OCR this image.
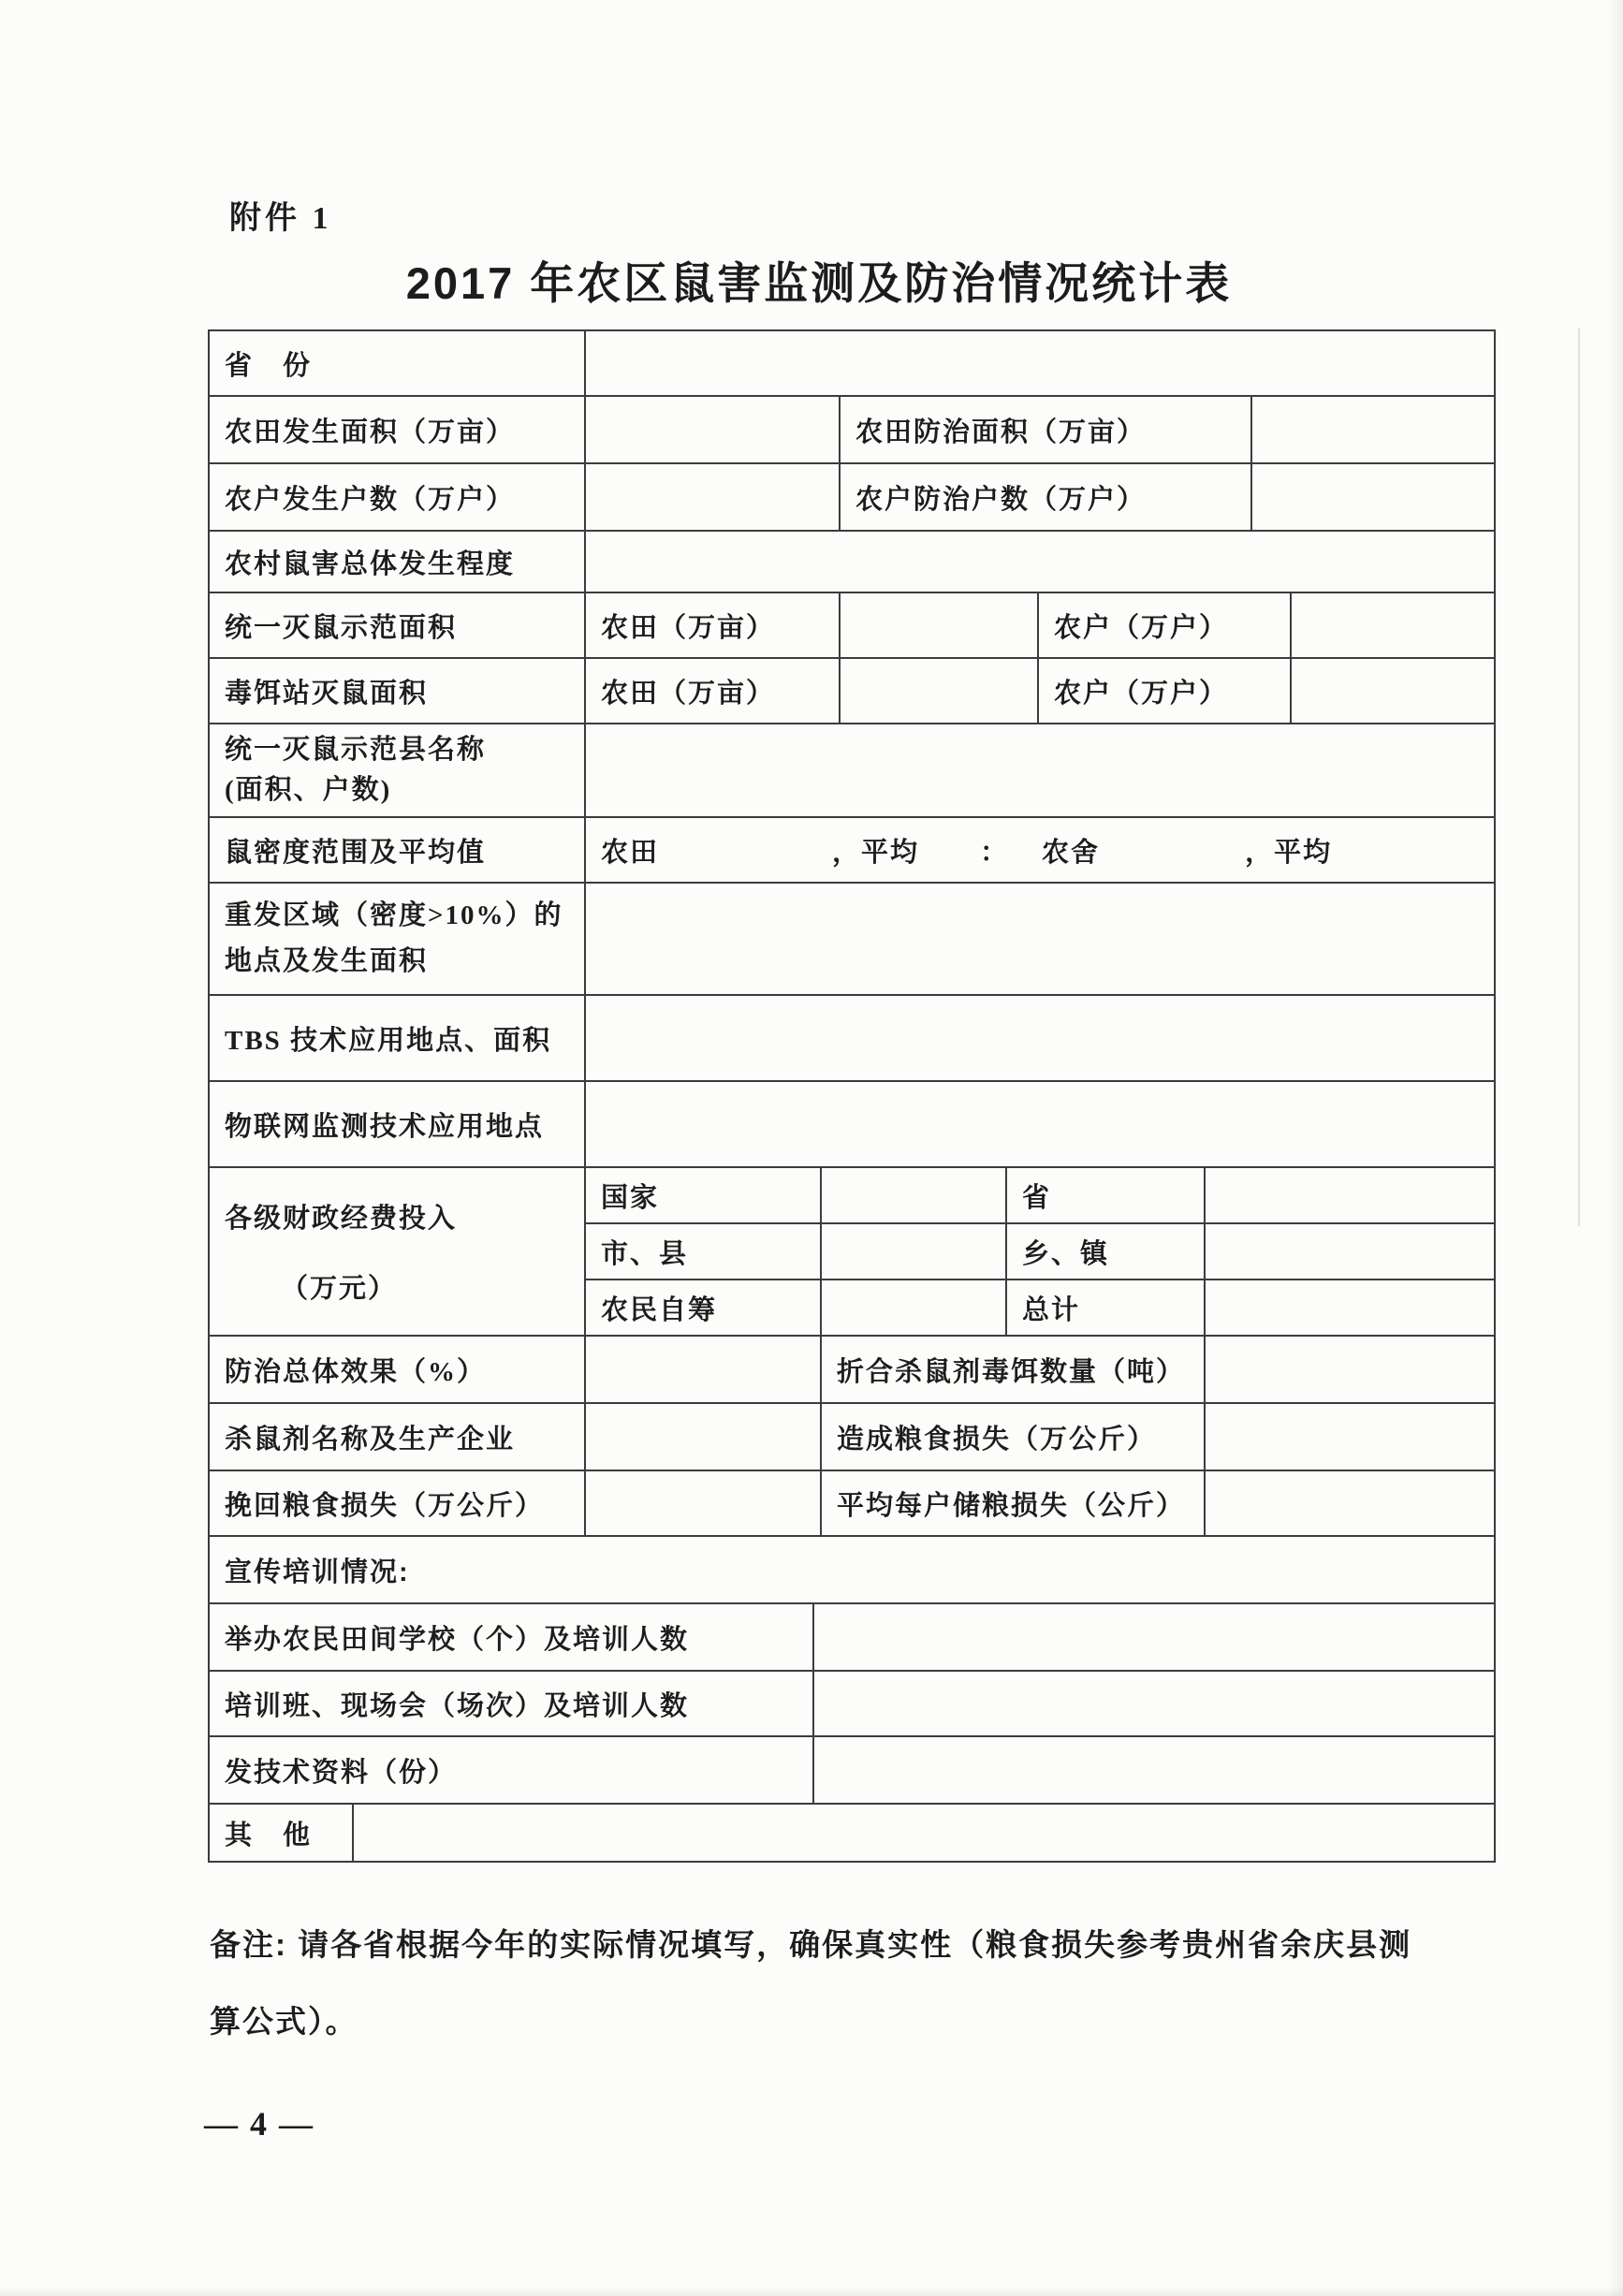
附件 1
2017 年农区鼠害监测及防治情况统计表
省　份
农田发生面积（万亩）	农田防治面积（万亩）
农户发生户数（万户）	农户防治户数（万户）
农村鼠害总体发生程度
统一灭鼠示范面积	农田（万亩）	农户（万户）
毒饵站灭鼠面积	农田（万亩）	农户（万户）
统一灭鼠示范县名称
(面积、户数)
鼠密度范围及平均值	农田	，平均 ： 农舍	，平均
重发区域（密度>10%）的
地点及发生面积
TBS 技术应用地点、面积
物联网监测技术应用地点
各级财政经费投入
（万元）
国家	省
市、县	乡、镇
农民自筹	总计
防治总体效果（%）	折合杀鼠剂毒饵数量（吨）
杀鼠剂名称及生产企业	造成粮食损失（万公斤）
挽回粮食损失（万公斤）	平均每户储粮损失（公斤）
宣传培训情况:
举办农民田间学校（个）及培训人数
培训班、现场会（场次）及培训人数
发技术资料（份）
其　他
备注: 请各省根据今年的实际情况填写，确保真实性（粮食损失参考贵州省余庆县测
算公式）。
— 4 —
